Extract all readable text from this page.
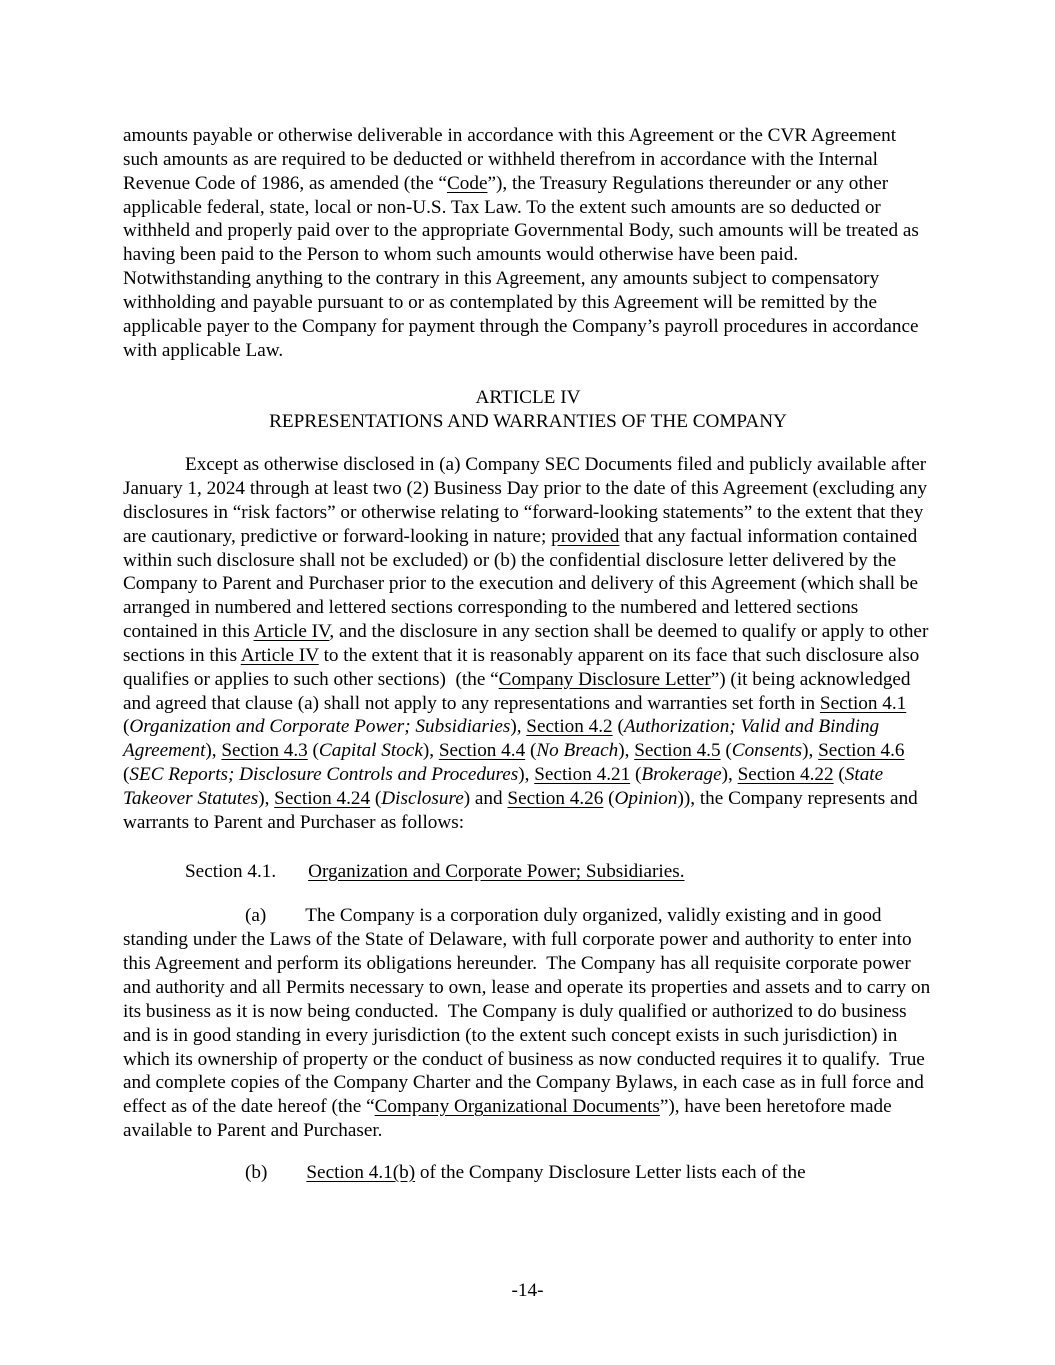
amounts payable or otherwise deliverable in accordance with this Agreement or the CVR Agreement such amounts as are required to be deducted or withheld therefrom in accordance with the Internal Revenue Code of 1986, as amended (the “Code”), the Treasury Regulations thereunder or any other applicable federal, state, local or non-U.S. Tax Law. To the extent such amounts are so deducted or withheld and properly paid over to the appropriate Governmental Body, such amounts will be treated as having been paid to the Person to whom such amounts would otherwise have been paid.  Notwithstanding anything to the contrary in this Agreement, any amounts subject to compensatory withholding and payable pursuant to or as contemplated by this Agreement will be remitted by the applicable payer to the Company for payment through the Company’s payroll procedures in accordance with applicable Law.

ARTICLE IV
REPRESENTATIONS AND WARRANTIES OF THE COMPANY

Except as otherwise disclosed in (a) Company SEC Documents filed and publicly available after January 1, 2024 through at least two (2) Business Day prior to the date of this Agreement (excluding any disclosures in “risk factors” or otherwise relating to “forward-looking statements” to the extent that they are cautionary, predictive or forward-looking in nature; provided that any factual information contained within such disclosure shall not be excluded) or (b) the confidential disclosure letter delivered by the Company to Parent and Purchaser prior to the execution and delivery of this Agreement (which shall be arranged in numbered and lettered sections corresponding to the numbered and lettered sections contained in this Article IV, and the disclosure in any section shall be deemed to qualify or apply to other sections in this Article IV to the extent that it is reasonably apparent on its face that such disclosure also qualifies or applies to such other sections)  (the “Company Disclosure Letter”) (it being acknowledged and agreed that clause (a) shall not apply to any representations and warranties set forth in Section 4.1 (Organization and Corporate Power; Subsidiaries), Section 4.2 (Authorization; Valid and Binding Agreement), Section 4.3 (Capital Stock), Section 4.4 (No Breach), Section 4.5 (Consents), Section 4.6 (SEC Reports; Disclosure Controls and Procedures), Section 4.21 (Brokerage), Section 4.22 (State Takeover Statutes), Section 4.24 (Disclosure) and Section 4.26 (Opinion)), the Company represents and warrants to Parent and Purchaser as follows:

Section 4.1. Organization and Corporate Power; Subsidiaries.

(a) The Company is a corporation duly organized, validly existing and in good standing under the Laws of the State of Delaware, with full corporate power and authority to enter into this Agreement and perform its obligations hereunder.  The Company has all requisite corporate power and authority and all Permits necessary to own, lease and operate its properties and assets and to carry on its business as it is now being conducted.  The Company is duly qualified or authorized to do business and is in good standing in every jurisdiction (to the extent such concept exists in such jurisdiction) in which its ownership of property or the conduct of business as now conducted requires it to qualify.  True and complete copies of the Company Charter and the Company Bylaws, in each case as in full force and effect as of the date hereof (the “Company Organizational Documents”), have been heretofore made available to Parent and Purchaser.

(b) Section 4.1(b) of the Company Disclosure Letter lists each of the

-14-
